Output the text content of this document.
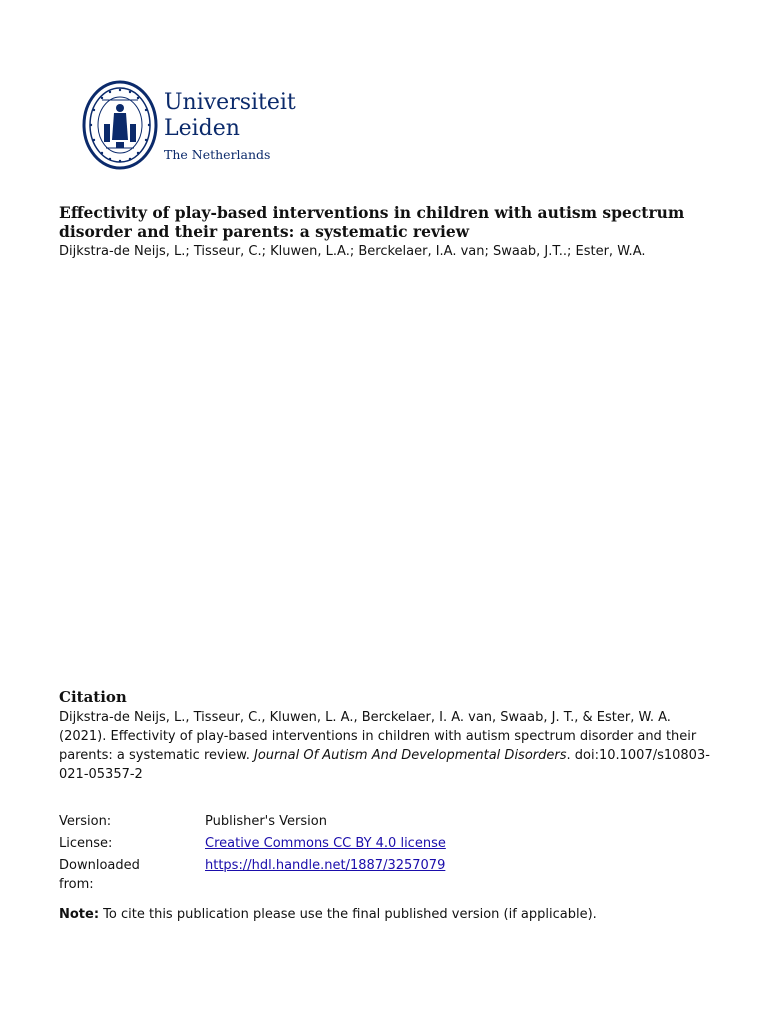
Universiteit
Leiden
The Netherlands
Effectivity of play-based interventions in children with autism spectrum disorder and their parents: a systematic review

Dijkstra-de Neijs, L.; Tisseur, C.; Kluwen, L.A.; Berckelaer, I.A. van; Swaab, J.T..; Ester, W.A.

Citation

Dijkstra-de Neijs, L., Tisseur, C., Kluwen, L. A., Berckelaer, I. A. van, Swaab, J. T., & Ester, W. A. (2021). Effectivity of play-based interventions in children with autism spectrum disorder and their parents: a systematic review. Journal Of Autism And Developmental Disorders. doi:10.1007/s10803-021-05357-2

Version:	Publisher's Version
License:	Creative Commons CC BY 4.0 license
Downloaded from:
https://hdl.handle.net/1887/3257079

Note: To cite this publication please use the final published version (if applicable).
